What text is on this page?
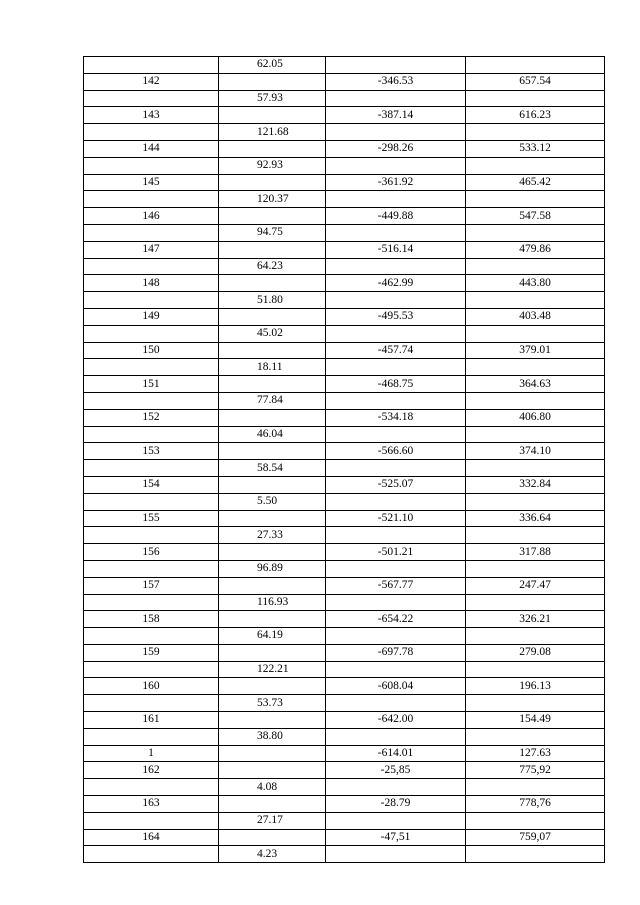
	62.05		
142		-346.53	657.54
	57.93		
143		-387.14	616.23
	121.68		
144		-298.26	533.12
	92.93		
145		-361.92	465.42
	120.37		
146		-449.88	547.58
	94.75		
147		-516.14	479.86
	64.23		
148		-462.99	443.80
	51.80		
149		-495.53	403.48
	45.02		
150		-457.74	379.01
	18.11		
151		-468.75	364.63
	77.84		
152		-534.18	406.80
	46.04		
153		-566.60	374.10
	58.54		
154		-525.07	332.84
	5.50		
155		-521.10	336.64
	27.33		
156		-501.21	317.88
	96.89		
157		-567.77	247.47
	116.93		
158		-654.22	326.21
	64.19		
159		-697.78	279.08
	122.21		
160		-608.04	196.13
	53.73		
161		-642.00	154.49
	38.80		
1		-614.01	127.63
162		-25,85	775,92
	4.08		
163		-28.79	778,76
	27.17		
164		-47,51	759,07
	4.23		
